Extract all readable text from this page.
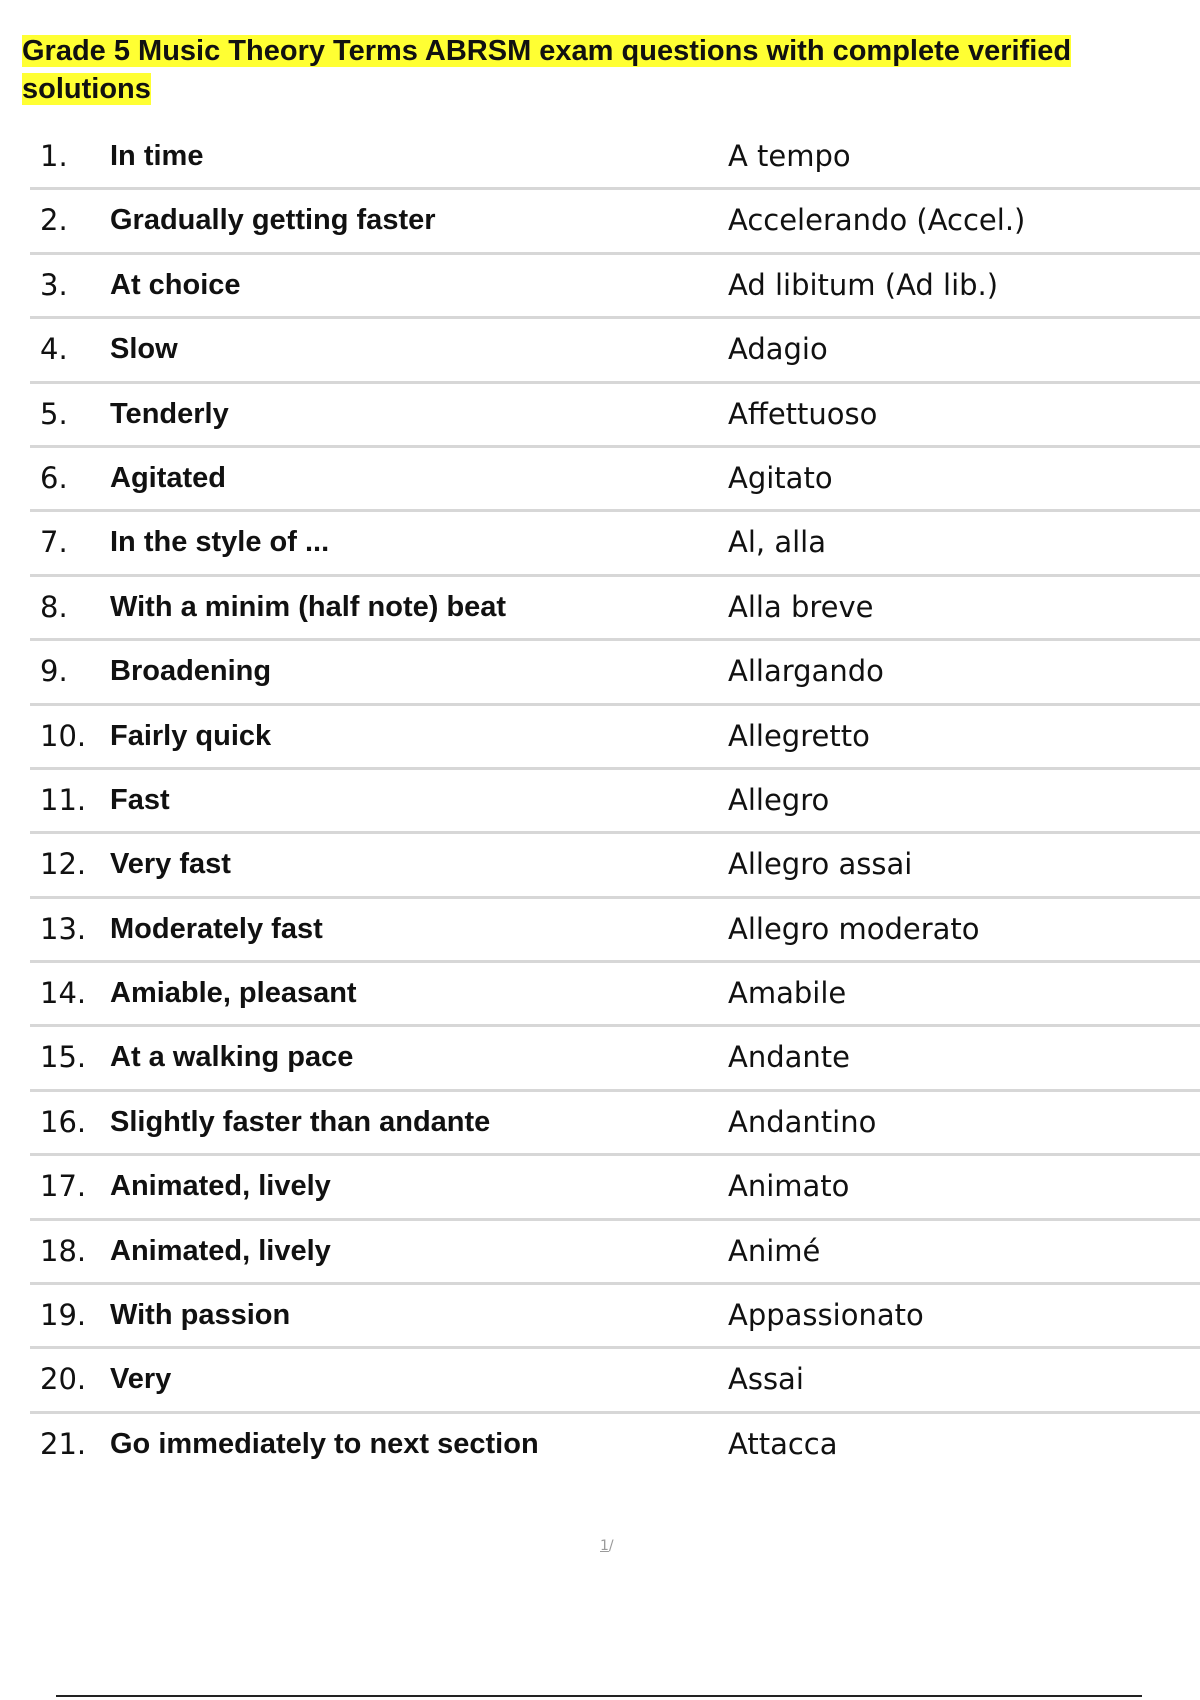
Grade 5 Music Theory Terms ABRSM exam questions with complete verified solutions
1. In time	A tempo
2. Gradually getting faster	Accelerando (Accel.)
3. At choice	Ad libitum (Ad lib.)
4. Slow	Adagio
5. Tenderly	Affettuoso
6. Agitated	Agitato
7. In the style of ...	Al, alla
8. With a minim (half note) beat	Alla breve
9. Broadening	Allargando
10. Fairly quick	Allegretto
11. Fast	Allegro
12. Very fast	Allegro assai
13. Moderately fast	Allegro moderato
14. Amiable, pleasant	Amabile
15. At a walking pace	Andante
16. Slightly faster than andante	Andantino
17. Animated, lively	Animato
18. Animated, lively	Animé
19. With passion	Appassionato
20. Very	Assai
21. Go immediately to next section	Attacca
1/
